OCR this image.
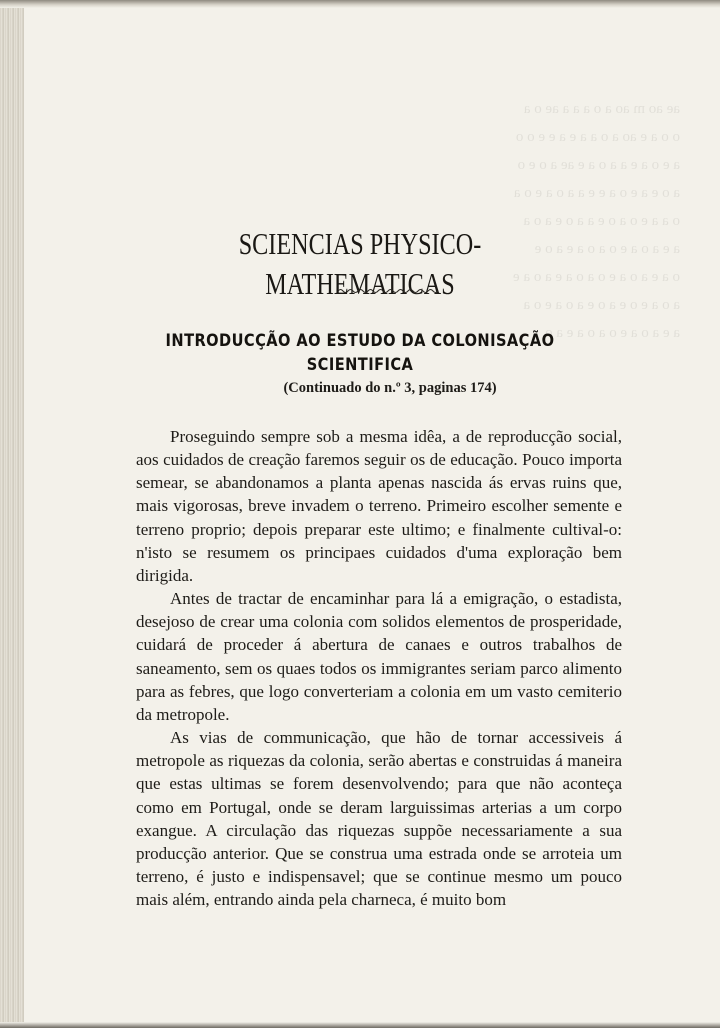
ae ao m ao a o a a a ae o a
o o a e ao a o a a e a e e o o
a e o a e a a o a e ae a o e o
a o e a e o a e e a a o a e o a
o a a e o a o e a a o e a o a
a e a o a e o a o a e a o e
o a e a o a e o a o a e a o a e
a o a e o e a o e a o a e o a
a e a o a e o a o a e a o
SCIENCIAS PHYSICO-MATHEMATICAS
INTRODUCÇÃO AO ESTUDO DA COLONISAÇÃO SCIENTIFICA
(Continuado do n.º 3, paginas 174)

Proseguindo sempre sob a mesma idêa, a de reproducção social, aos cuidados de creação faremos seguir os de educação. Pouco importa semear, se abandonamos a planta apenas nascida ás ervas ruins que, mais vigorosas, breve invadem o terreno. Primeiro escolher semente e terreno proprio; depois preparar este ultimo; e finalmente cultival-o: n'isto se resumem os principaes cuidados d'uma exploração bem dirigida.

Antes de tractar de encaminhar para lá a emigração, o estadista, desejoso de crear uma colonia com solidos elementos de prosperidade, cuidará de proceder á abertura de canaes e outros trabalhos de saneamento, sem os quaes todos os immigrantes seriam parco alimento para as febres, que logo converteriam a colonia em um vasto cemiterio da metropole.

As vias de communicação, que hão de tornar accessiveis á metropole as riquezas da colonia, serão abertas e construidas á maneira que estas ultimas se forem desenvolvendo; para que não aconteça como em Portugal, onde se deram larguissimas arterias a um corpo exangue. A circulação das riquezas suppõe necessariamente a sua producção anterior. Que se construa uma estrada onde se arroteia um terreno, é justo e indispensavel; que se continue mesmo um pouco mais além, entrando ainda pela charneca, é muito bom
